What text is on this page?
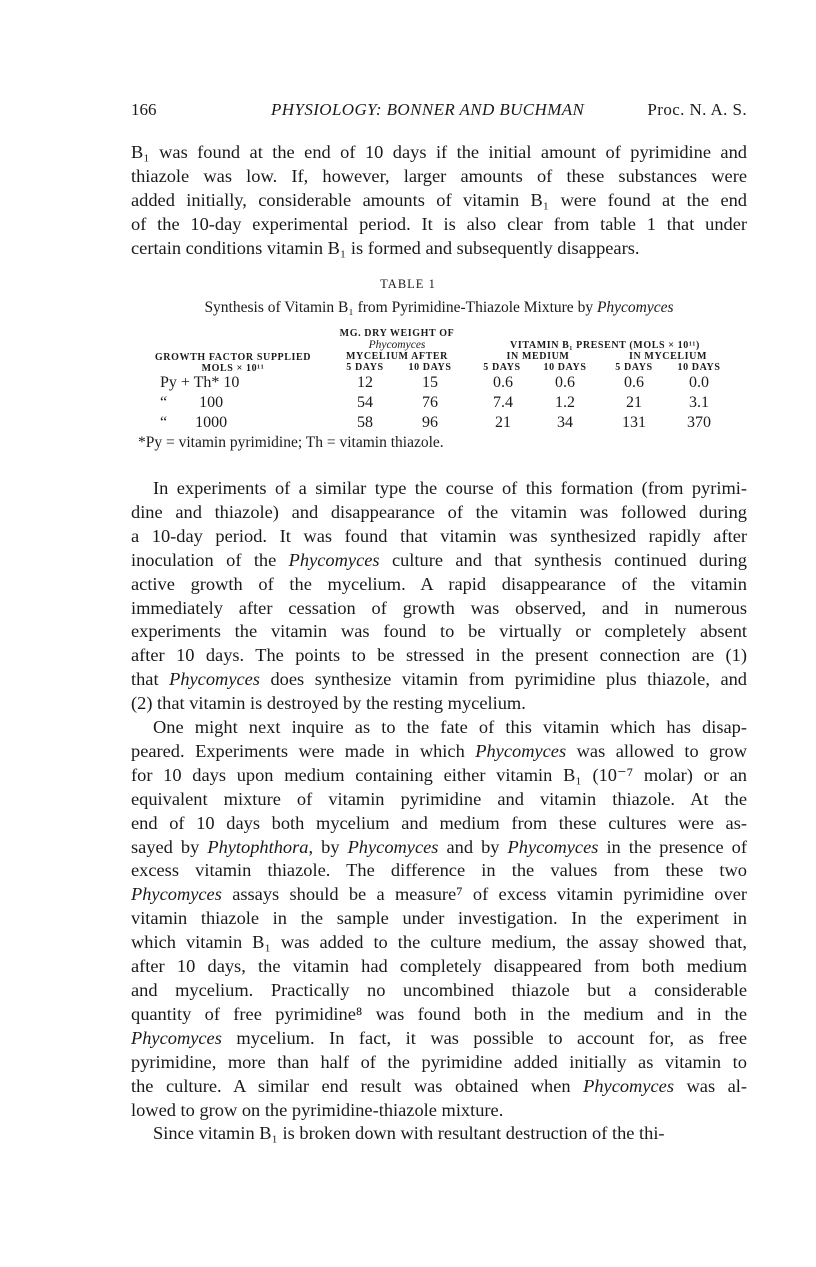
166	PHYSIOLOGY: BONNER AND BUCHMAN	Proc. N. A. S.
B₁ was found at the end of 10 days if the initial amount of pyrimidine and
thiazole was low. If, however, larger amounts of these substances were
added initially, considerable amounts of vitamin B₁ were found at the end
of the 10-day experimental period. It is also clear from table 1 that under
certain conditions vitamin B₁ is formed and subsequently disappears.
In experiments of a similar type the course of this formation (from pyrimi-
dine and thiazole) and disappearance of the vitamin was followed during
a 10-day period. It was found that vitamin was synthesized rapidly after
inoculation of the Phycomyces culture and that synthesis continued during
active growth of the mycelium. A rapid disappearance of the vitamin
immediately after cessation of growth was observed, and in numerous
experiments the vitamin was found to be virtually or completely absent
after 10 days. The points to be stressed in the present connection are (1)
that Phycomyces does synthesize vitamin from pyrimidine plus thiazole, and
(2) that vitamin is destroyed by the resting mycelium.
One might next inquire as to the fate of this vitamin which has disap-
peared. Experiments were made in which Phycomyces was allowed to grow
for 10 days upon medium containing either vitamin B₁ (10⁻⁷ molar) or an
equivalent mixture of vitamin pyrimidine and vitamin thiazole. At the
end of 10 days both mycelium and medium from these cultures were as-
sayed by Phytophthora, by Phycomyces and by Phycomyces in the presence of
excess vitamin thiazole. The difference in the values from these two
Phycomyces assays should be a measure⁷ of excess vitamin pyrimidine over
vitamin thiazole in the sample under investigation. In the experiment in
which vitamin B₁ was added to the culture medium, the assay showed that,
after 10 days, the vitamin had completely disappeared from both medium
and mycelium. Practically no uncombined thiazole but a considerable
quantity of free pyrimidine⁸ was found both in the medium and in the
Phycomyces mycelium. In fact, it was possible to account for, as free
pyrimidine, more than half of the pyrimidine added initially as vitamin to
the culture. A similar end result was obtained when Phycomyces was al-
lowed to grow on the pyrimidine-thiazole mixture.
Since vitamin B₁ is broken down with resultant destruction of the thi-
TABLE 1
Synthesis of Vitamin B₁ from Pyrimidine-Thiazole Mixture by Phycomyces
GROWTH FACTOR SUPPLIED
MOLS × 10¹¹
MG. DRY WEIGHT OF
Phycomyces
MYCELIUM AFTER
VITAMIN B₁ PRESENT (MOLS × 10¹¹)
IN MEDIUM	IN MYCELIUM
5 DAYS	10 DAYS	5 DAYS	10 DAYS	5 DAYS	10 DAYS
Py + Th* 10	12	15	0.6	0.6	0.6	0.0
“        100	54	76	7.4	1.2	21	3.1
“       1000	58	96	21	34	131	370
*Py = vitamin pyrimidine; Th = vitamin thiazole.
